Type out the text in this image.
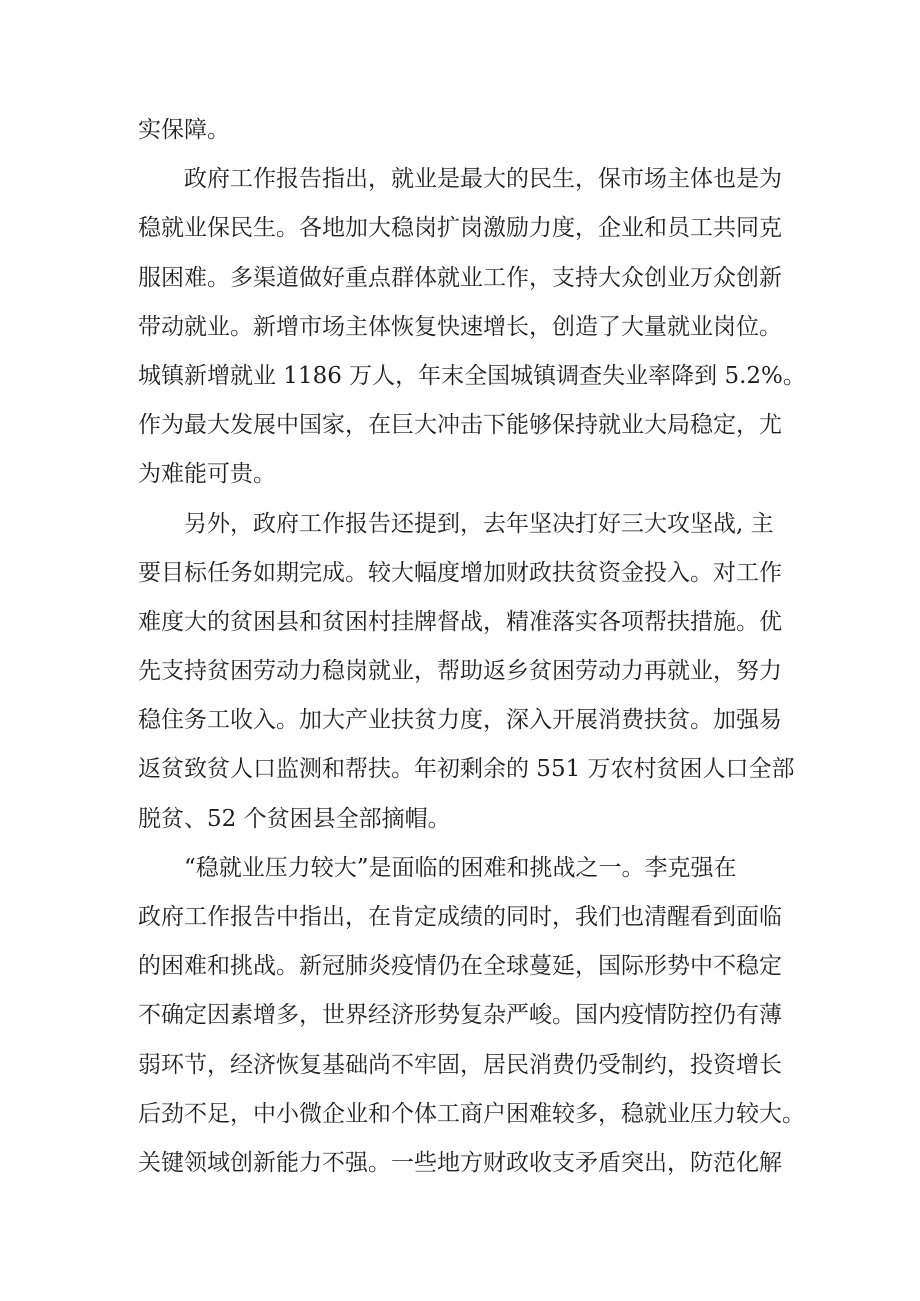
实保障。
政府工作报告指出，就业是最大的民生，保市场主体也是为
稳就业保民生。各地加大稳岗扩岗激励力度，企业和员工共同克
服困难。多渠道做好重点群体就业工作，支持大众创业万众创新
带动就业。新增市场主体恢复快速增长，创造了大量就业岗位。
城镇新增就业 1186 万人，年末全国城镇调查失业率降到 5.2%。
作为最大发展中国家，在巨大冲击下能够保持就业大局稳定，尤
为难能可贵。
另外，政府工作报告还提到，去年坚决打好三大攻坚战, 主
要目标任务如期完成。较大幅度增加财政扶贫资金投入。对工作
难度大的贫困县和贫困村挂牌督战，精准落实各项帮扶措施。优
先支持贫困劳动力稳岗就业，帮助返乡贫困劳动力再就业，努力
稳住务工收入。加大产业扶贫力度，深入开展消费扶贫。加强易
返贫致贫人口监测和帮扶。年初剩余的 551 万农村贫困人口全部
脱贫、52 个贫困县全部摘帽。
“稳就业压力较大”是面临的困难和挑战之一。李克强在
政府工作报告中指出，在肯定成绩的同时，我们也清醒看到面临
的困难和挑战。新冠肺炎疫情仍在全球蔓延，国际形势中不稳定
不确定因素增多，世界经济形势复杂严峻。国内疫情防控仍有薄
弱环节，经济恢复基础尚不牢固，居民消费仍受制约，投资增长
后劲不足，中小微企业和个体工商户困难较多，稳就业压力较大。
关键领域创新能力不强。一些地方财政收支矛盾突出，防范化解
